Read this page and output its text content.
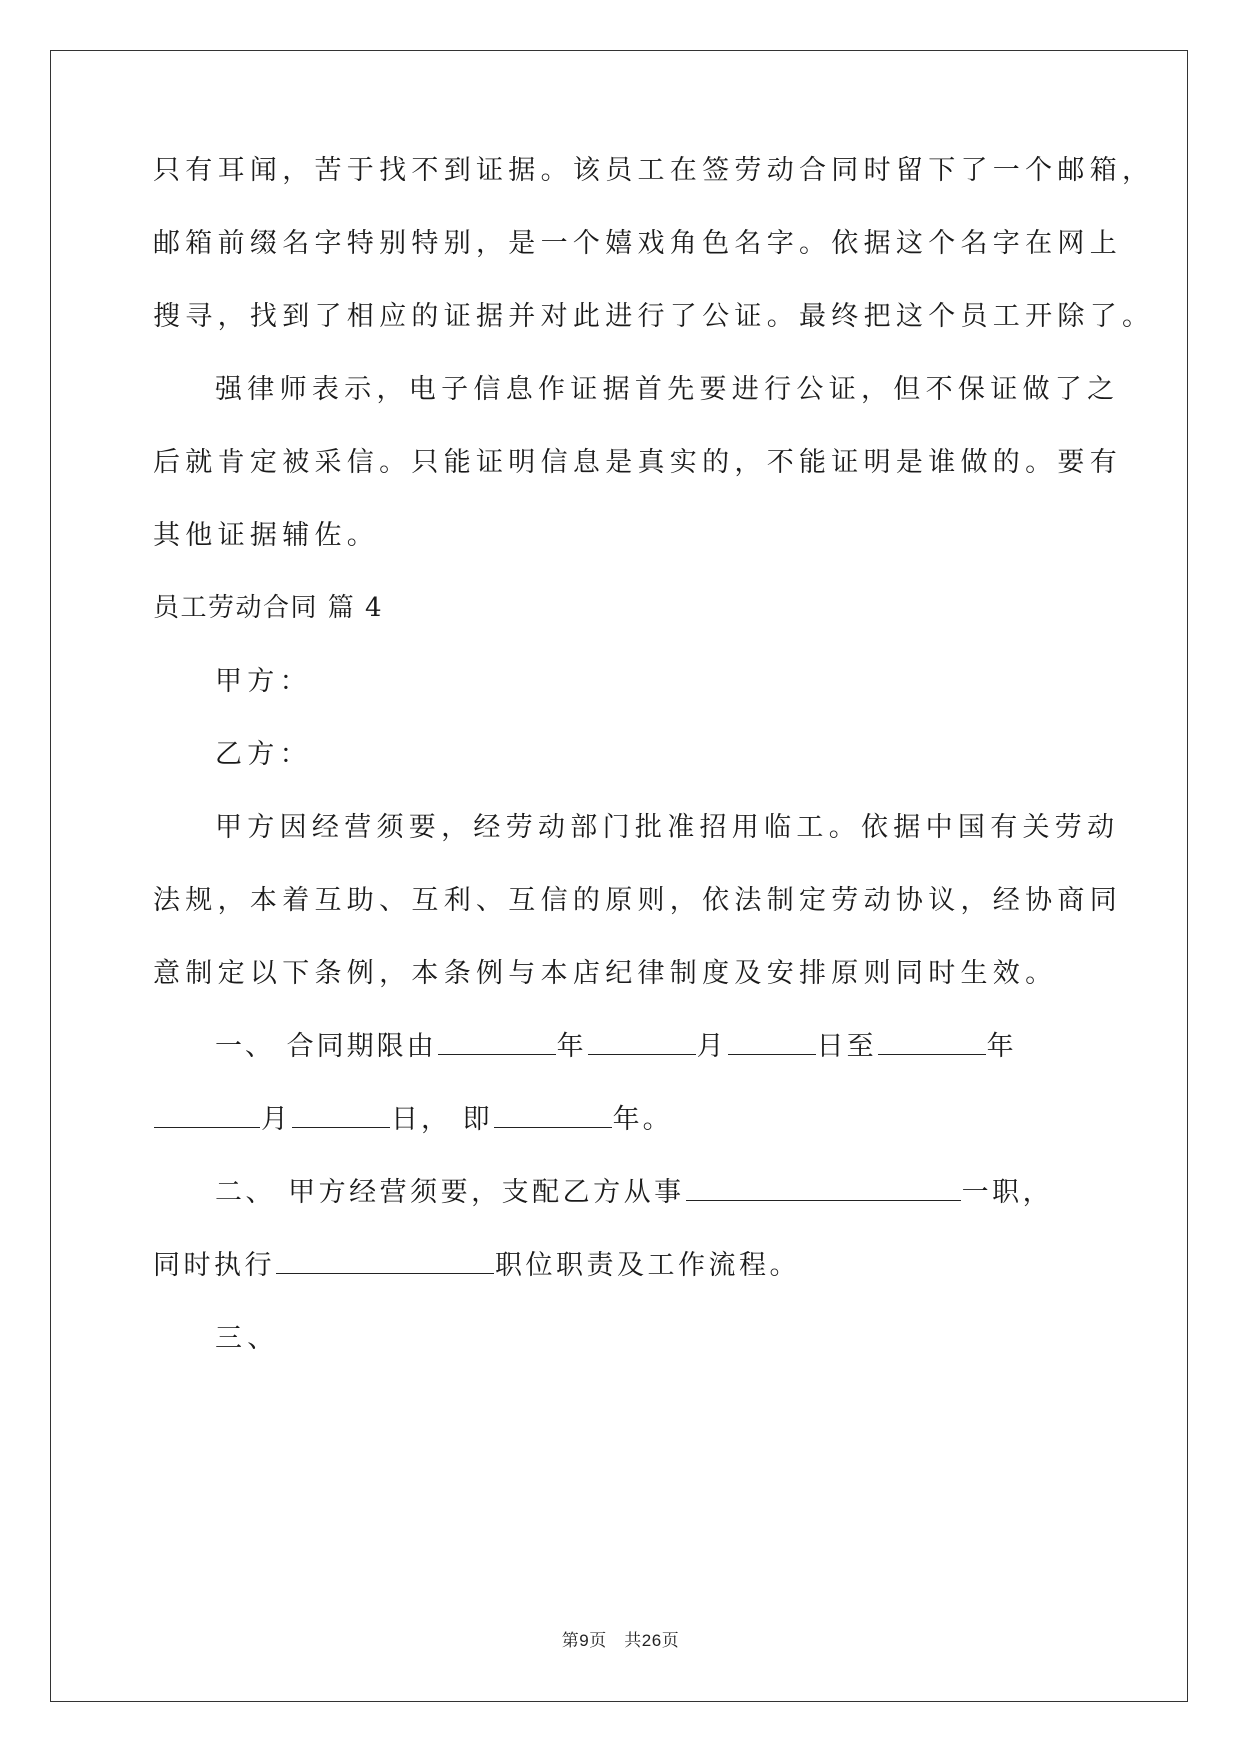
只有耳闻，苦于找不到证据。该员工在签劳动合同时留下了一个邮箱，
邮箱前缀名字特别特别，是一个嬉戏角色名字。依据这个名字在网上
搜寻，找到了相应的证据并对此进行了公证。最终把这个员工开除了。
强律师表示，电子信息作证据首先要进行公证，但不保证做了之
后就肯定被采信。只能证明信息是真实的，不能证明是谁做的。要有
其他证据辅佐。
员工劳动合同 篇 4
甲方：
乙方：
甲方因经营须要，经劳动部门批准招用临工。依据中国有关劳动
法规，本着互助、互利、互信的原则，依法制定劳动协议，经协商同
意制定以下条例，本条例与本店纪律制度及安排原则同时生效。
一、 合同期限由	年	月	日至	年
月	日， 即	年。
二、 甲方经营须要，支配乙方从事	一职，
同时执行	职位职责及工作流程。
三、
第9页　共26页
